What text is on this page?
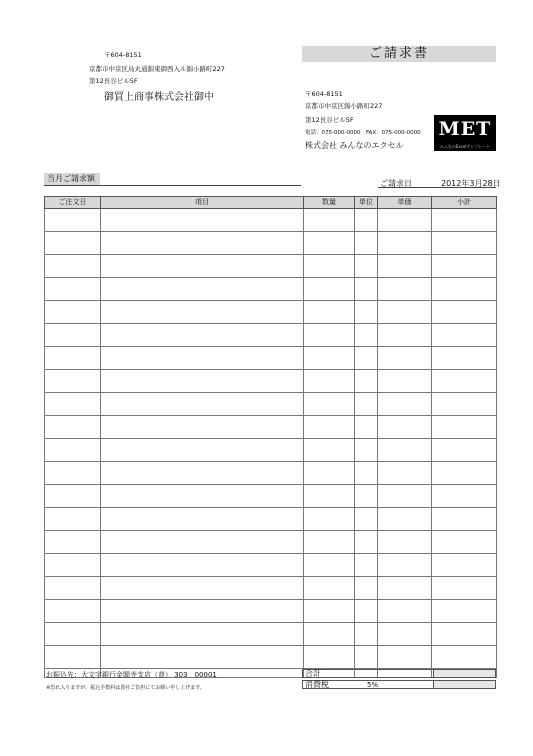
〒604-8151
京都市中京区烏丸通錦東御西入ル錦小路町227
第12長谷ビル5F
御買上商事株式会社御中
ご請求書
〒604-8151
京都市中京区錦小路町227
第12長谷ビル5F
電話：075-000-0000　FAX：075-000-0000
株式会社 みんなのエクセル
MET
みんなのExcelテンプレート
当月ご請求額
ご請求日	2012年3月28日
ご注文日	項目	数量	単位	単価	小計

お振込先：大文字銀行金閣寺支店（普） 303　00001
※恐れ入りますが、振込手数料は貴社ご負担にてお願い申し上げます。
合計
消費税	5%
